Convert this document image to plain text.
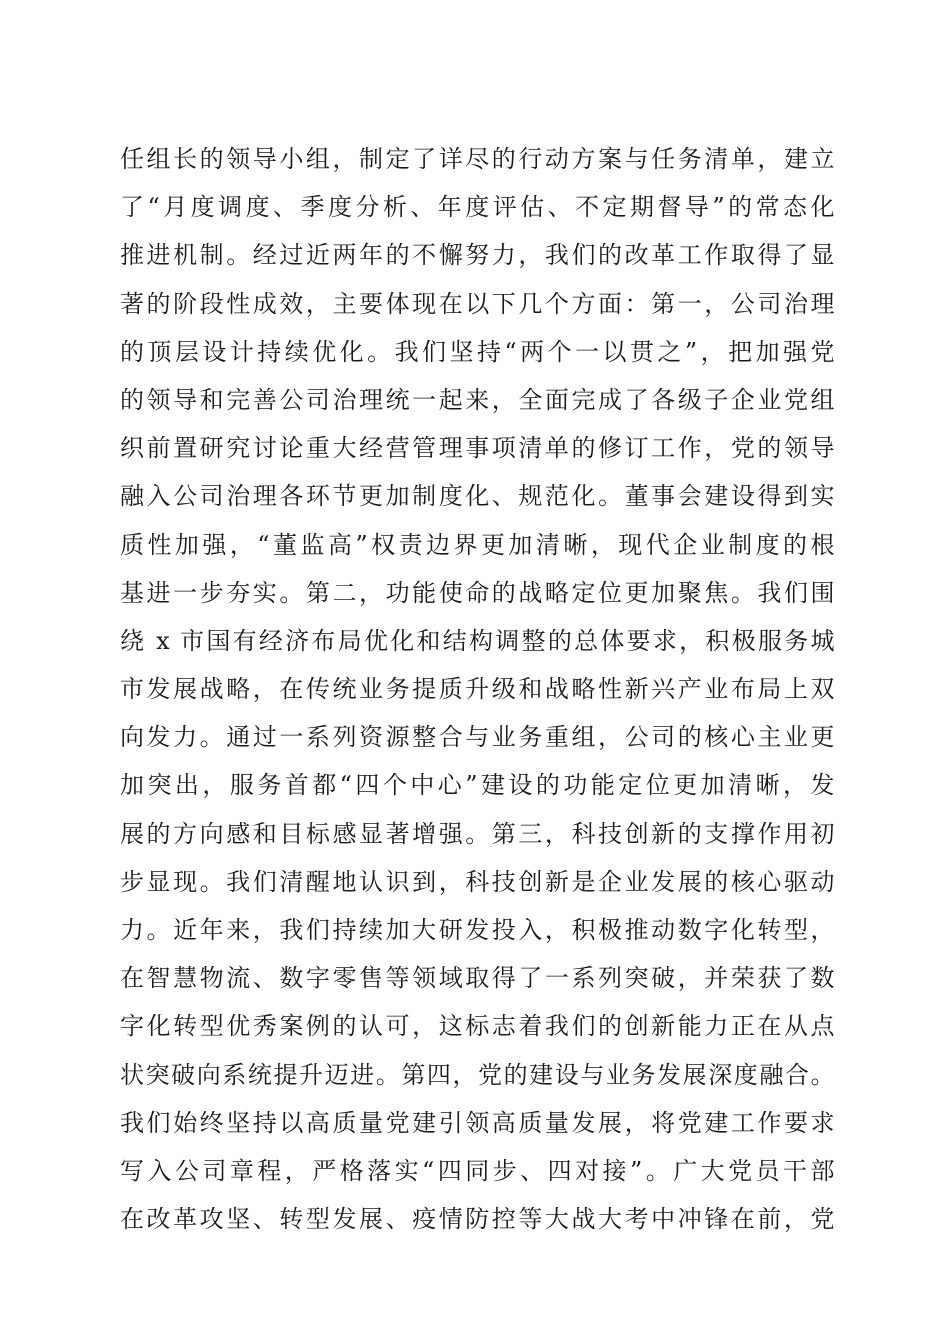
任组长的领导小组，制定了详尽的行动方案与任务清单，建立
了“月度调度、季度分析、年度评估、不定期督导”的常态化
推进机制。经过近两年的不懈努力，我们的改革工作取得了显
著的阶段性成效，主要体现在以下几个方面：第一，公司治理
的顶层设计持续优化。我们坚持“两个一以贯之”，把加强党
的领导和完善公司治理统一起来，全面完成了各级子企业党组
织前置研究讨论重大经营管理事项清单的修订工作，党的领导
融入公司治理各环节更加制度化、规范化。董事会建设得到实
质性加强，“董监高”权责边界更加清晰，现代企业制度的根
基进一步夯实。第二，功能使命的战略定位更加聚焦。我们围
绕 x 市国有经济布局优化和结构调整的总体要求，积极服务城
市发展战略，在传统业务提质升级和战略性新兴产业布局上双
向发力。通过一系列资源整合与业务重组，公司的核心主业更
加突出，服务首都“四个中心”建设的功能定位更加清晰，发
展的方向感和目标感显著增强。第三，科技创新的支撑作用初
步显现。我们清醒地认识到，科技创新是企业发展的核心驱动
力。近年来，我们持续加大研发投入，积极推动数字化转型，
在智慧物流、数字零售等领域取得了一系列突破，并荣获了数
字化转型优秀案例的认可，这标志着我们的创新能力正在从点
状突破向系统提升迈进。第四，党的建设与业务发展深度融合。
我们始终坚持以高质量党建引领高质量发展，将党建工作要求
写入公司章程，严格落实“四同步、四对接”。广大党员干部
在改革攻坚、转型发展、疫情防控等大战大考中冲锋在前，党
